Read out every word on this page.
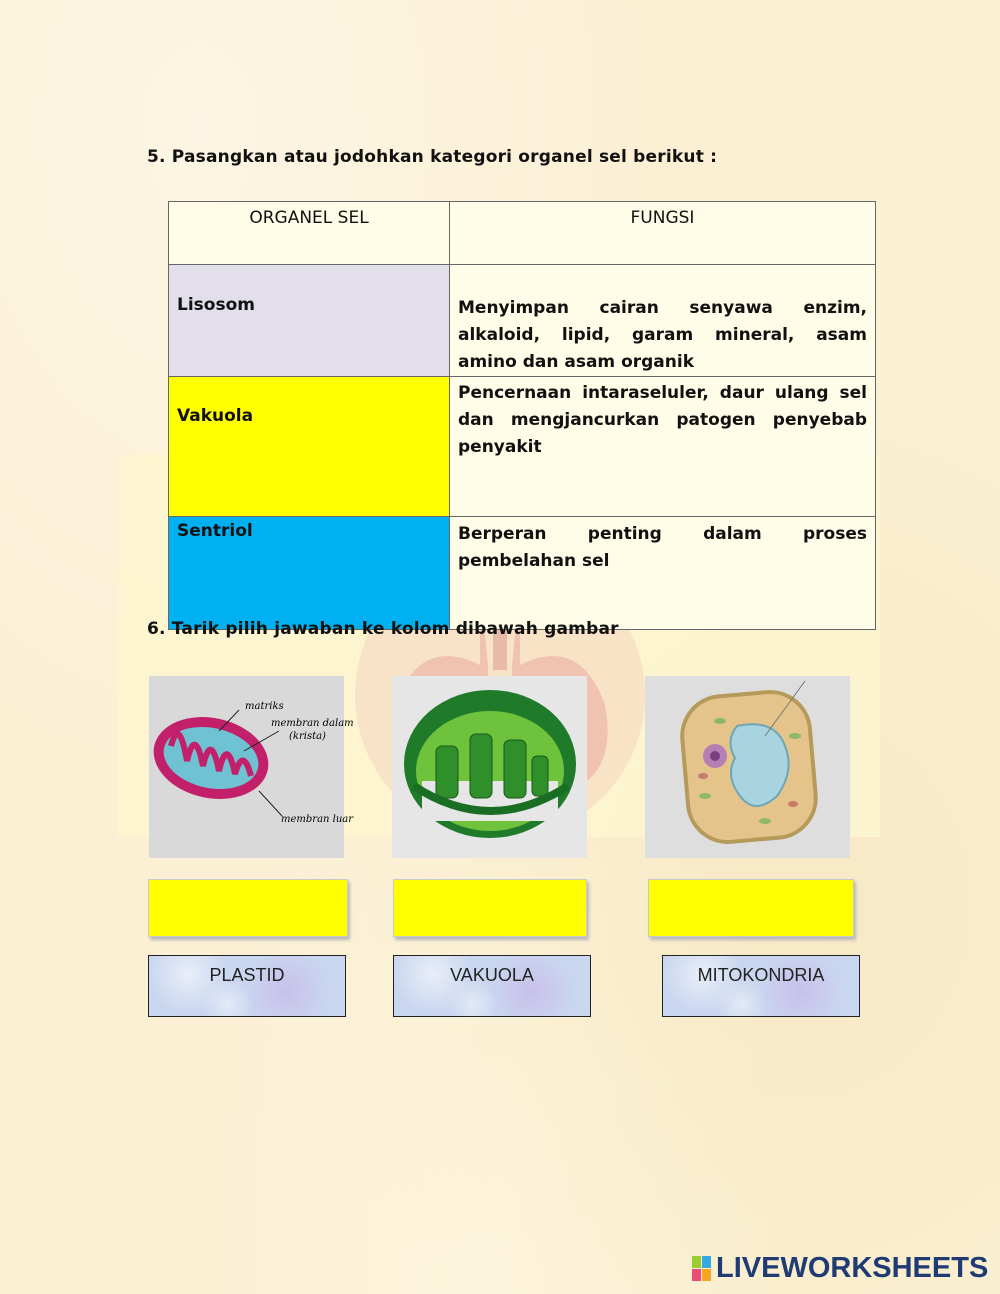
5. Pasangkan atau jodohkan kategori organel sel berikut :
ORGANEL SEL	FUNGSI
Lisosom	Menyimpan cairan senyawa enzim, alkaloid, lipid, garam mineral, asam amino dan asam organik
Vakuola	Pencernaan intaraseluler, daur ulang sel dan mengjancurkan patogen penyebab penyakit
Sentriol	Berperan penting dalam proses pembelahan sel
6. Tarik pilih jawaban ke kolom dibawah gambar
matriks
membran dalam
(krista)
membran luar
PLASTID	VAKUOLA	MITOKONDRIA
LIVEWORKSHEETS
